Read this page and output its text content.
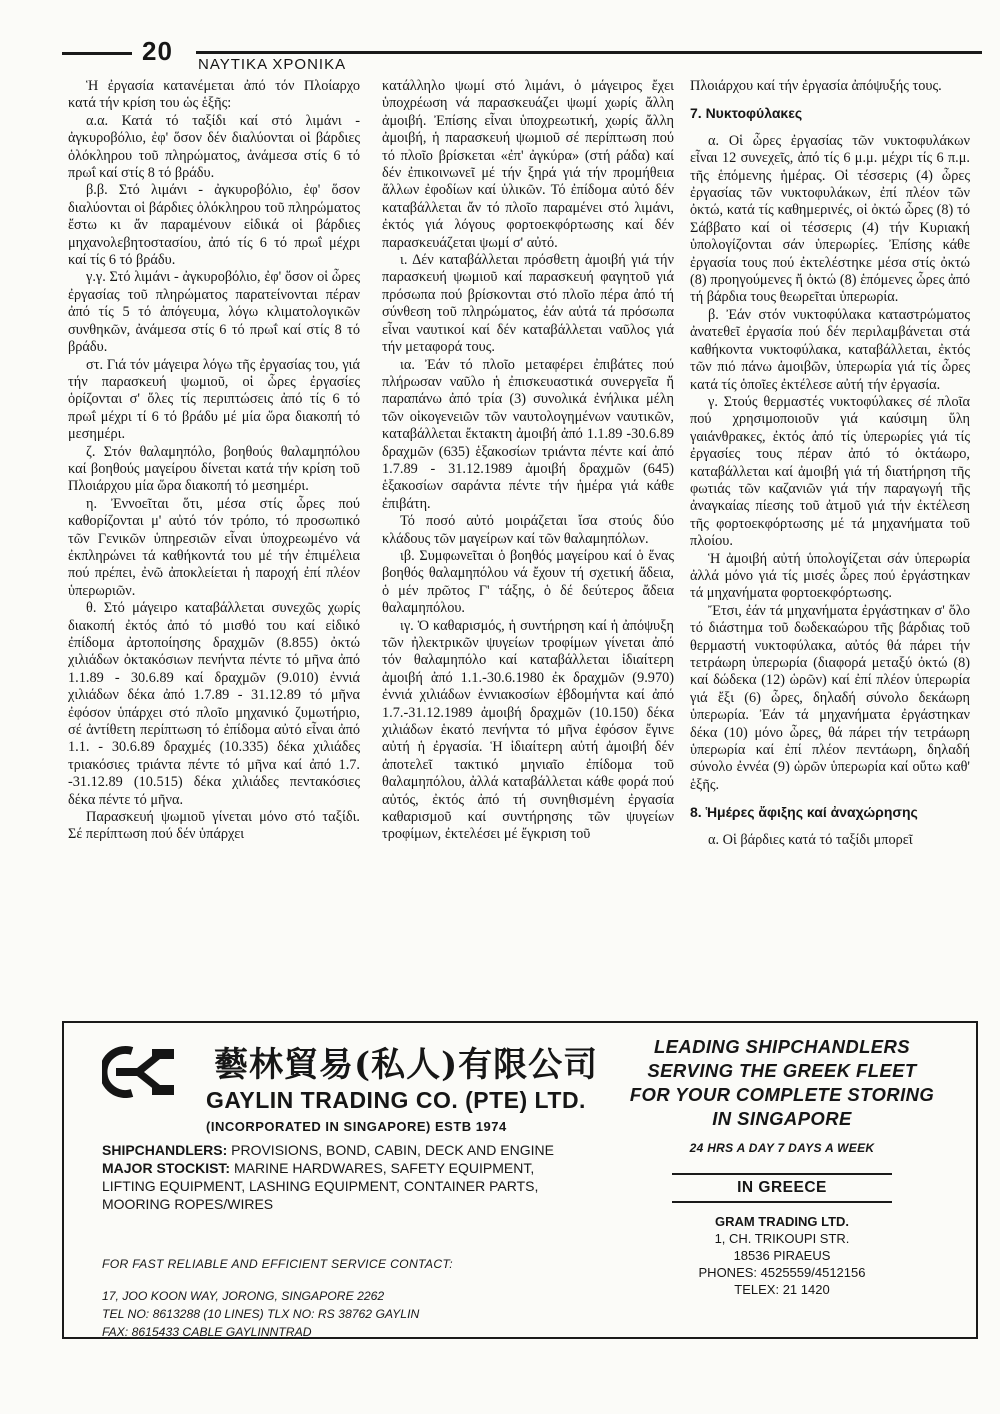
20 ΝΑΥΤΙΚΑ ΧΡΟΝΙΚΑ

Ἡ ἐργασία κατανέμεται ἀπό τόν Πλοίαρχο κατά τήν κρίση του ὡς ἑξῆς:

α.α. Κατά τό ταξίδι καί στό λιμάνι - ἀγκυροβόλιο, ἐφ' ὅσον δέν διαλύονται οἱ βάρδιες ὁλόκληρου τοῦ πληρώματος, ἀνάμεσα στίς 6 τό πρωΐ καί στίς 8 τό βράδυ.

β.β. Στό λιμάνι - ἀγκυροβόλιο, ἐφ' ὅσον διαλύονται οἱ βάρδιες ὁλόκληρου τοῦ πληρώματος ἔστω κι ἄν παραμένουν εἰδικά οἱ βάρδιες μηχανολεβητοστασίου, ἀπό τίς 6 τό πρωΐ μέχρι καί τίς 6 τό βράδυ.

γ.γ. Στό λιμάνι - ἀγκυροβόλιο, ἐφ' ὅσον οἱ ὧρες ἐργασίας τοῦ πληρώματος παρατείνονται πέραν ἀπό τίς 5 τό ἀπόγευμα, λόγω κλιματολογικῶν συνθηκῶν, ἀνάμεσα στίς 6 τό πρωΐ καί στίς 8 τό βράδυ.

στ. Γιά τόν μάγειρα λόγω τῆς ἐργασίας του, γιά τήν παρασκευή ψωμιοῦ, οἱ ὧρες ἐργασίες ὁρίζονται σ' ὅλες τίς περιπτώσεις ἀπό τίς 6 τό πρωΐ μέχρι τί 6 τό βράδυ μέ μία ὥρα διακοπή τό μεσημέρι.

ζ. Στόν θαλαμηπόλο, βοηθούς θαλαμηπόλου καί βοηθούς μαγείρου δίνεται κατά τήν κρίση τοῦ Πλοιάρχου μία ὥρα διακοπή τό μεσημέρι.

η. Ἐννοεῖται ὅτι, μέσα στίς ὧρες πού καθορίζονται μ' αὐτό τόν τρόπο, τό προσωπικό τῶν Γενικῶν ὑπηρεσιῶν εἶναι ὑποχρεωμένο νά ἐκπληρώνει τά καθήκοντά του μέ τήν ἐπιμέλεια πού πρέπει, ἐνῶ ἀποκλείεται ἡ παροχή ἐπί πλέον ὑπερωριῶν.

θ. Στό μάγειρο καταβάλλεται συνεχῶς χωρίς διακοπή ἐκτός ἀπό τό μισθό του καί εἰδικό ἐπίδομα ἀρτοποίησης δραχμῶν (8.855) ὀκτώ χιλιάδων ὀκτακόσιων πενήντα πέντε τό μῆνα ἀπό 1.1.89 - 30.6.89 καί δραχμῶν (9.010) ἐννιά χιλιάδων δέκα ἀπό 1.7.89 - 31.12.89 τό μῆνα ἐφόσον ὑπάρχει στό πλοῖο μηχανικό ζυμωτήριο, σέ ἀντίθετη περίπτωση τό ἐπίδομα αὐτό εἶναι ἀπό 1.1. - 30.6.89 δραχμές (10.335) δέκα χιλιάδες τριακόσιες τριάντα πέντε τό μῆνα καί ἀπό 1.7. -31.12.89 (10.515) δέκα χιλιάδες πεντακόσιες δέκα πέντε τό μῆνα.

Παρασκευή ψωμιοῦ γίνεται μόνο στό ταξίδι. Σέ περίπτωση πού δέν ὑπάρχει

κατάλληλο ψωμί στό λιμάνι, ὁ μάγειρος ἔχει ὑποχρέωση νά παρασκευάζει ψωμί χωρίς ἄλλη ἀμοιβή. Ἐπίσης εἶναι ὑποχρεωτική, χωρίς ἄλλη ἀμοιβή, ἡ παρασκευή ψωμιοῦ σέ περίπτωση πού τό πλοῖο βρίσκεται «ἐπ' ἀγκύρα» (στή ράδα) καί δέν ἐπικοινωνεῖ μέ τήν ξηρά γιά τήν προμήθεια ἄλλων ἐφοδίων καί ὑλικῶν. Τό ἐπίδομα αὐτό δέν καταβάλλεται ἄν τό πλοῖο παραμένει στό λιμάνι, ἐκτός γιά λόγους φορτοεκφόρτωσης καί δέν παρασκευάζεται ψωμί σ' αὐτό.

ι. Δέν καταβάλλεται πρόσθετη ἀμοιβή γιά τήν παρασκευή ψωμιοῦ καί παρασκευή φαγητοῦ γιά πρόσωπα πού βρίσκονται στό πλοῖο πέρα ἀπό τή σύνθεση τοῦ πληρώματος, ἐάν αὐτά τά πρόσωπα εἶναι ναυτικοί καί δέν καταβάλλεται ναῦλος γιά τήν μεταφορά τους.

ια. Ἐάν τό πλοῖο μεταφέρει ἐπιβάτες πού πλήρωσαν ναῦλο ἡ ἐπισκευαστικά συνεργεῖα ἤ παραπάνω ἀπό τρία (3) συνολικά ἐνήλικα μέλη τῶν οἰκογενειῶν τῶν ναυτολογημένων ναυτικῶν, καταβάλλεται ἔκτακτη ἀμοιβή ἀπό 1.1.89 -30.6.89 δραχμῶν (635) ἑξακοσίων τριάντα πέντε καί ἀπό 1.7.89 - 31.12.1989 ἀμοιβή δραχμῶν (645) ἑξακοσίων σαράντα πέντε τήν ἡμέρα γιά κάθε ἐπιβάτη.

Τό ποσό αὐτό μοιράζεται ἴσα στούς δύο κλάδους τῶν μαγείρων καί τῶν θαλαμηπόλων.

ιβ. Συμφωνεῖται ὁ βοηθός μαγείρου καί ὁ ἕνας βοηθός θαλαμηπόλου νά ἔχουν τή σχετική ἄδεια, ὁ μέν πρῶτος Γ' τάξης, ὁ δέ δεύτερος ἄδεια θαλαμηπόλου.

ιγ. Ὁ καθαρισμός, ἡ συντήρηση καί ἡ ἀπόψυξη τῶν ἠλεκτρικῶν ψυγείων τροφίμων γίνεται ἀπό τόν θαλαμηπόλο καί καταβάλλεται ἰδιαίτερη ἀμοιβή ἀπό 1.1.-30.6.1980 ἐκ δραχμῶν (9.970) ἐννιά χιλιάδων ἐννιακοσίων ἑβδομήντα καί ἀπό 1.7.-31.12.1989 ἀμοιβή δραχμῶν (10.150) δέκα χιλιάδων ἑκατό πενήντα τό μῆνα ἐφόσον ἔγινε αὐτή ἡ ἐργασία. Ἡ ἰδιαίτερη αὐτή ἀμοιβή δέν ἀποτελεῖ τακτικό μηνιαῖο ἐπίδομα τοῦ θαλαμηπόλου, ἀλλά καταβάλλεται κάθε φορά πού αὐτός, ἐκτός ἀπό τή συνηθισμένη ἐργασία καθαρισμοῦ καί συντήρησης τῶν ψυγείων τροφίμων, ἐκτελέσει μέ ἔγκριση τοῦ

Πλοιάρχου καί τήν ἐργασία ἀπόψυξής τους.

7. Νυκτοφύλακες

α. Οἱ ὧρες ἐργασίας τῶν νυκτοφυλάκων εἶναι 12 συνεχεῖς, ἀπό τίς 6 μ.μ. μέχρι τίς 6 π.μ. τῆς ἑπόμενης ἡμέρας. Οἱ τέσσερις (4) ὧρες ἐργασίας τῶν νυκτοφυλάκων, ἐπί πλέον τῶν ὀκτώ, κατά τίς καθημερινές, οἱ ὀκτώ ὧρες (8) τό Σάββατο καί οἱ τέσσερις (4) τήν Κυριακή ὑπολογίζονται σάν ὑπερωρίες. Ἐπίσης κάθε ἐργασία τους πού ἐκτελέστηκε μέσα στίς ὀκτώ (8) προηγούμενες ἤ ὀκτώ (8) ἑπόμενες ὧρες ἀπό τή βάρδια τους θεωρεῖται ὑπερωρία.

β. Ἐάν στόν νυκτοφύλακα καταστρώματος ἀνατεθεῖ ἐργασία πού δέν περιλαμβάνεται στά καθήκοντα νυκτοφύλακα, καταβάλλεται, ἐκτός τῶν πιό πάνω ἀμοιβῶν, ὑπερωρία γιά τίς ὧρες κατά τίς ὁποῖες ἐκτέλεσε αὐτή τήν ἐργασία.

γ. Στούς θερμαστές νυκτοφύλακες σέ πλοῖα πού χρησιμοποιοῦν γιά καύσιμη ὕλη γαιάνθρακες, ἐκτός ἀπό τίς ὑπερωρίες γιά τίς ἐργασίες τους πέραν ἀπό τό ὀκτάωρο, καταβάλλεται καί ἀμοιβή γιά τή διατήρηση τῆς φωτιάς τῶν καζανιῶν γιά τήν παραγωγή τῆς ἀναγκαίας πίεσης τοῦ ἀτμοῦ γιά τήν ἐκτέλεση τῆς φορτοεκφόρτωσης μέ τά μηχανήματα τοῦ πλοίου.

Ἡ ἀμοιβή αὐτή ὑπολογίζεται σάν ὑπερωρία ἀλλά μόνο γιά τίς μισές ὧρες πού ἐργάστηκαν τά μηχανήματα φορτοεκφόρτωσης.

Ἔτσι, ἐάν τά μηχανήματα ἐργάστηκαν σ' ὅλο τό διάστημα τοῦ δωδεκαώρου τῆς βάρδιας τοῦ θερμαστή νυκτοφύλακα, αὐτός θά πάρει τήν τετράωρη ὑπερωρία (διαφορά μεταξύ ὀκτώ (8) καί δώδεκα (12) ὡρῶν) καί ἐπί πλέον ὑπερωρία γιά ἔξι (6) ὧρες, δηλαδή σύνολο δεκάωρη ὑπερωρία. Ἐάν τά μηχανήματα ἐργάστηκαν δέκα (10) μόνο ὧρες, θά πάρει τήν τετράωρη ὑπερωρία καί ἐπί πλέον πεντάωρη, δηλαδή σύνολο ἐννέα (9) ὡρῶν ὑπερωρία καί οὕτω καθ' ἑξῆς.

8. Ἡμέρες ἄφιξης καί ἀναχώρησης

α. Οἱ βάρδιες κατά τό ταξίδι μπορεῖ

藝林貿易(私人)有限公司
GAYLIN TRADING CO. (PTE) LTD.
(INCORPORATED IN SINGAPORE) ESTB 1974
SHIPCHANDLERS: PROVISIONS, BOND, CABIN, DECK AND ENGINE
MAJOR STOCKIST: MARINE HARDWARES, SAFETY EQUIPMENT,
LIFTING EQUIPMENT, LASHING EQUIPMENT, CONTAINER PARTS, MOORING ROPES/WIRES
FOR FAST RELIABLE AND EFFICIENT SERVICE CONTACT:
17, JOO KOON WAY, JORONG, SINGAPORE 2262
TEL NO: 8613288 (10 LINES) TLX NO: RS 38762 GAYLIN
FAX: 8615433 CABLE GAYLINNTRAD
LEADING SHIPCHANDLERS
SERVING THE GREEK FLEET
FOR YOUR COMPLETE STORING
IN SINGAPORE
24 HRS A DAY 7 DAYS A WEEK
IN GREECE
GRAM TRADING LTD.
1, CH. TRIKOUPI STR.
18536 PIRAEUS
PHONES: 4525559/4512156
TELEX: 21 1420
